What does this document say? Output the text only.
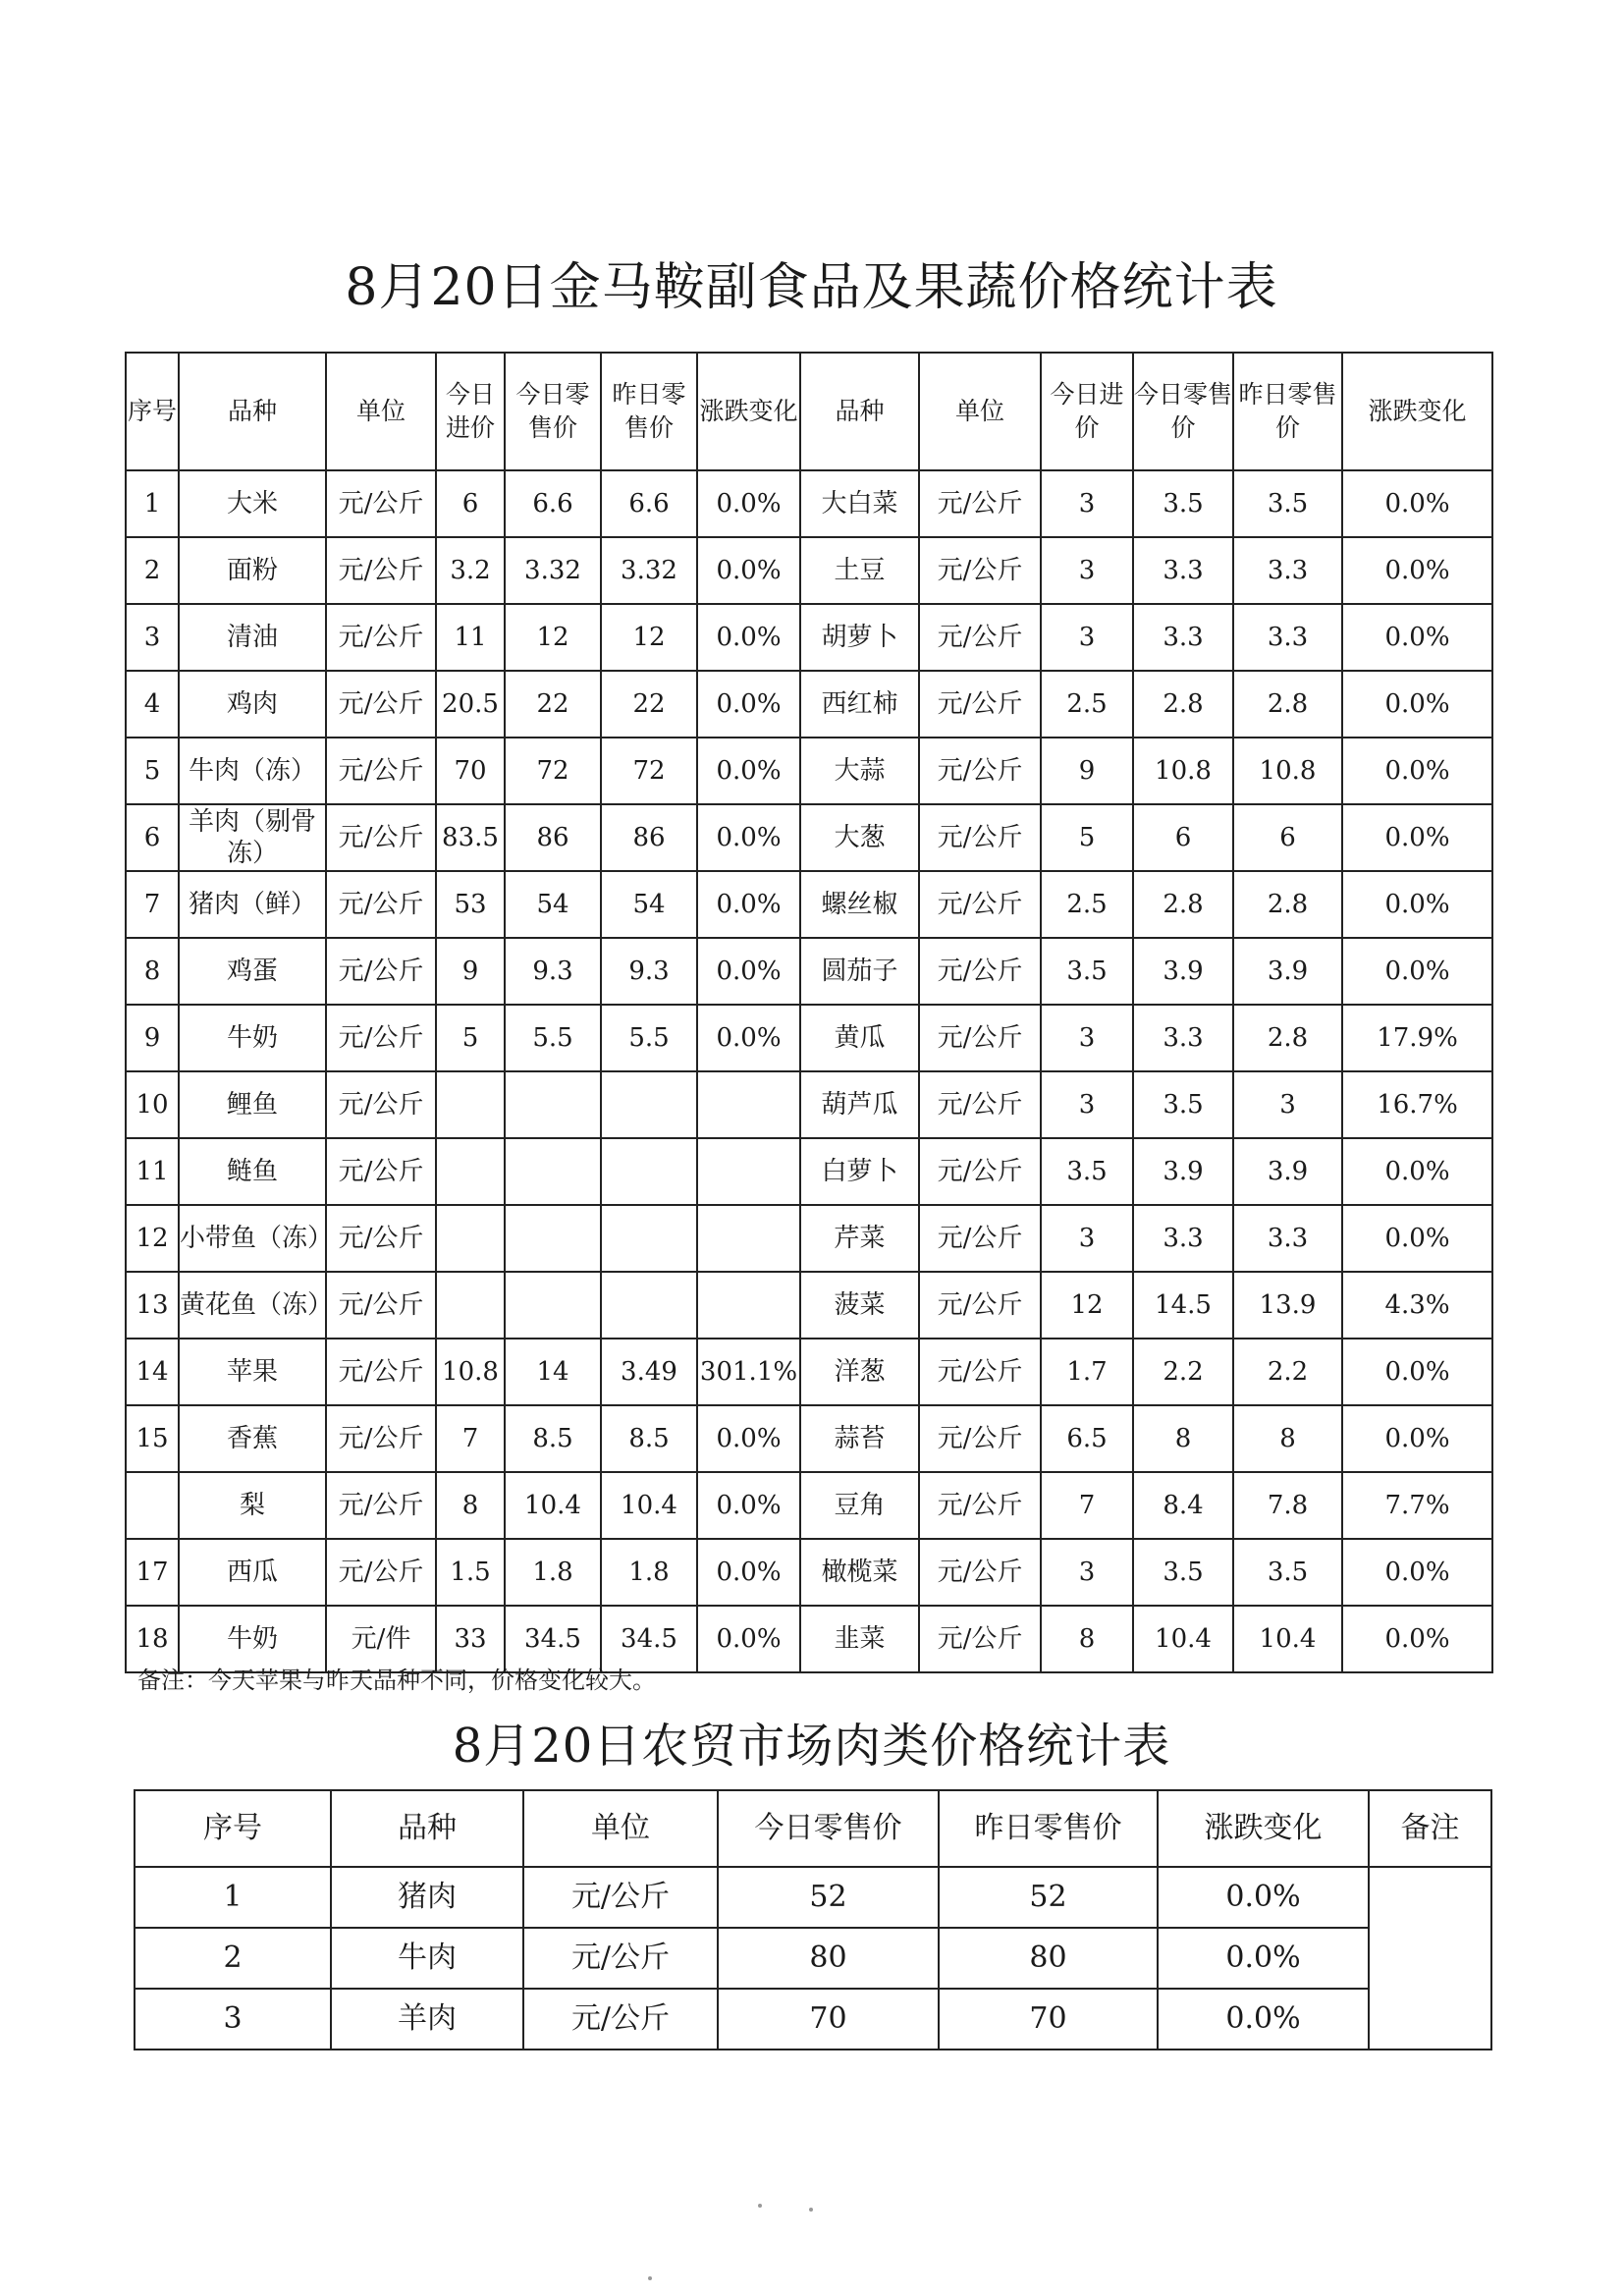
8月20日金马鞍副食品及果蔬价格统计表
序号	品种	单位	今日进价	今日零售价	昨日零售价	涨跌变化	品种	单位	今日进价	今日零售价	昨日零售价	涨跌变化
1	大米	元/公斤	6	6.6	6.6	0.0%	大白菜	元/公斤	3	3.5	3.5	0.0%
2	面粉	元/公斤	3.2	3.32	3.32	0.0%	土豆	元/公斤	3	3.3	3.3	0.0%
3	清油	元/公斤	11	12	12	0.0%	胡萝卜	元/公斤	3	3.3	3.3	0.0%
4	鸡肉	元/公斤	20.5	22	22	0.0%	西红柿	元/公斤	2.5	2.8	2.8	0.0%
5	牛肉（冻）	元/公斤	70	72	72	0.0%	大蒜	元/公斤	9	10.8	10.8	0.0%
6	羊肉（剔骨冻）	元/公斤	83.5	86	86	0.0%	大葱	元/公斤	5	6	6	0.0%
7	猪肉（鲜）	元/公斤	53	54	54	0.0%	螺丝椒	元/公斤	2.5	2.8	2.8	0.0%
8	鸡蛋	元/公斤	9	9.3	9.3	0.0%	圆茄子	元/公斤	3.5	3.9	3.9	0.0%
9	牛奶	元/公斤	5	5.5	5.5	0.0%	黄瓜	元/公斤	3	3.3	2.8	17.9%
10	鲤鱼	元/公斤					葫芦瓜	元/公斤	3	3.5	3	16.7%
11	鲢鱼	元/公斤					白萝卜	元/公斤	3.5	3.9	3.9	0.0%
12	小带鱼（冻）	元/公斤					芹菜	元/公斤	3	3.3	3.3	0.0%
13	黄花鱼（冻）	元/公斤					菠菜	元/公斤	12	14.5	13.9	4.3%
14	苹果	元/公斤	10.8	14	3.49	301.1%	洋葱	元/公斤	1.7	2.2	2.2	0.0%
15	香蕉	元/公斤	7	8.5	8.5	0.0%	蒜苔	元/公斤	6.5	8	8	0.0%
	梨	元/公斤	8	10.4	10.4	0.0%	豆角	元/公斤	7	8.4	7.8	7.7%
17	西瓜	元/公斤	1.5	1.8	1.8	0.0%	橄榄菜	元/公斤	3	3.5	3.5	0.0%
18	牛奶	元/件	33	34.5	34.5	0.0%	韭菜	元/公斤	8	10.4	10.4	0.0%
备注：今天苹果与昨天品种不同，价格变化较大。
8月20日农贸市场肉类价格统计表
序号	品种	单位	今日零售价	昨日零售价	涨跌变化	备注
1	猪肉	元/公斤	52	52	0.0%	
2	牛肉	元/公斤	80	80	0.0%	
3	羊肉	元/公斤	70	70	0.0%	
